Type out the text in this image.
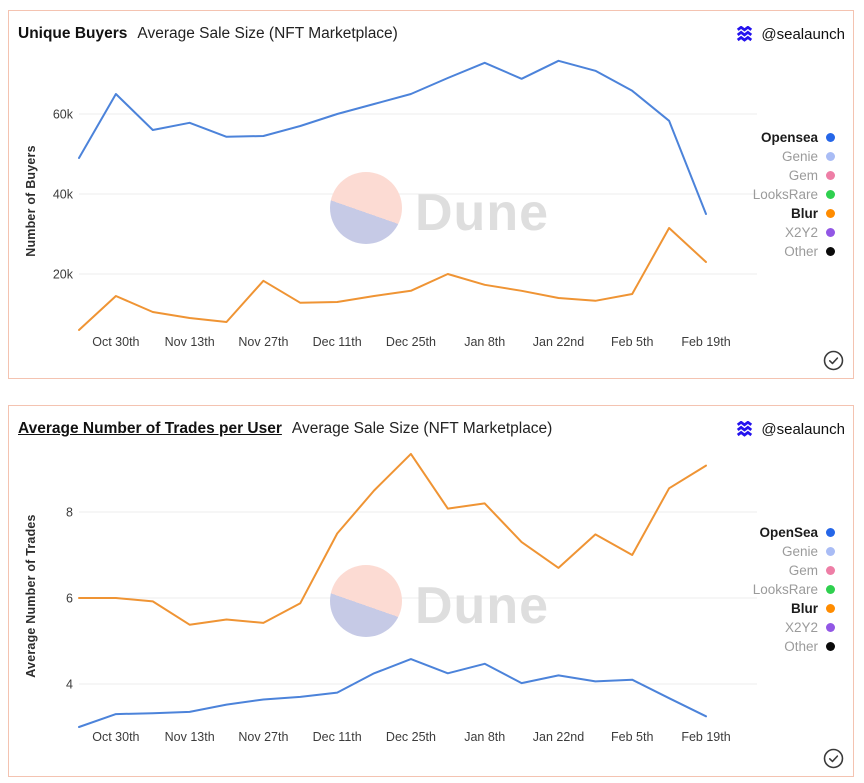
Unique Buyers Average Sale Size (NFT Marketplace)	@sealaunch
Number of Buyers
20k
40k
60k
Dune
Oct 30th Nov 13th Nov 27th Dec 11th Dec 25th Jan 8th Jan 22nd Feb 5th Feb 19th
Opensea
Genie
Gem
LooksRare
Blur
X2Y2
Other
Average Number of Trades per User Average Sale Size (NFT Marketplace)	@sealaunch
Average Number of Trades
4
6
8
Dune
Oct 30th Nov 13th Nov 27th Dec 11th Dec 25th Jan 8th Jan 22nd Feb 5th Feb 19th
OpenSea
Genie
Gem
LooksRare
Blur
X2Y2
Other
